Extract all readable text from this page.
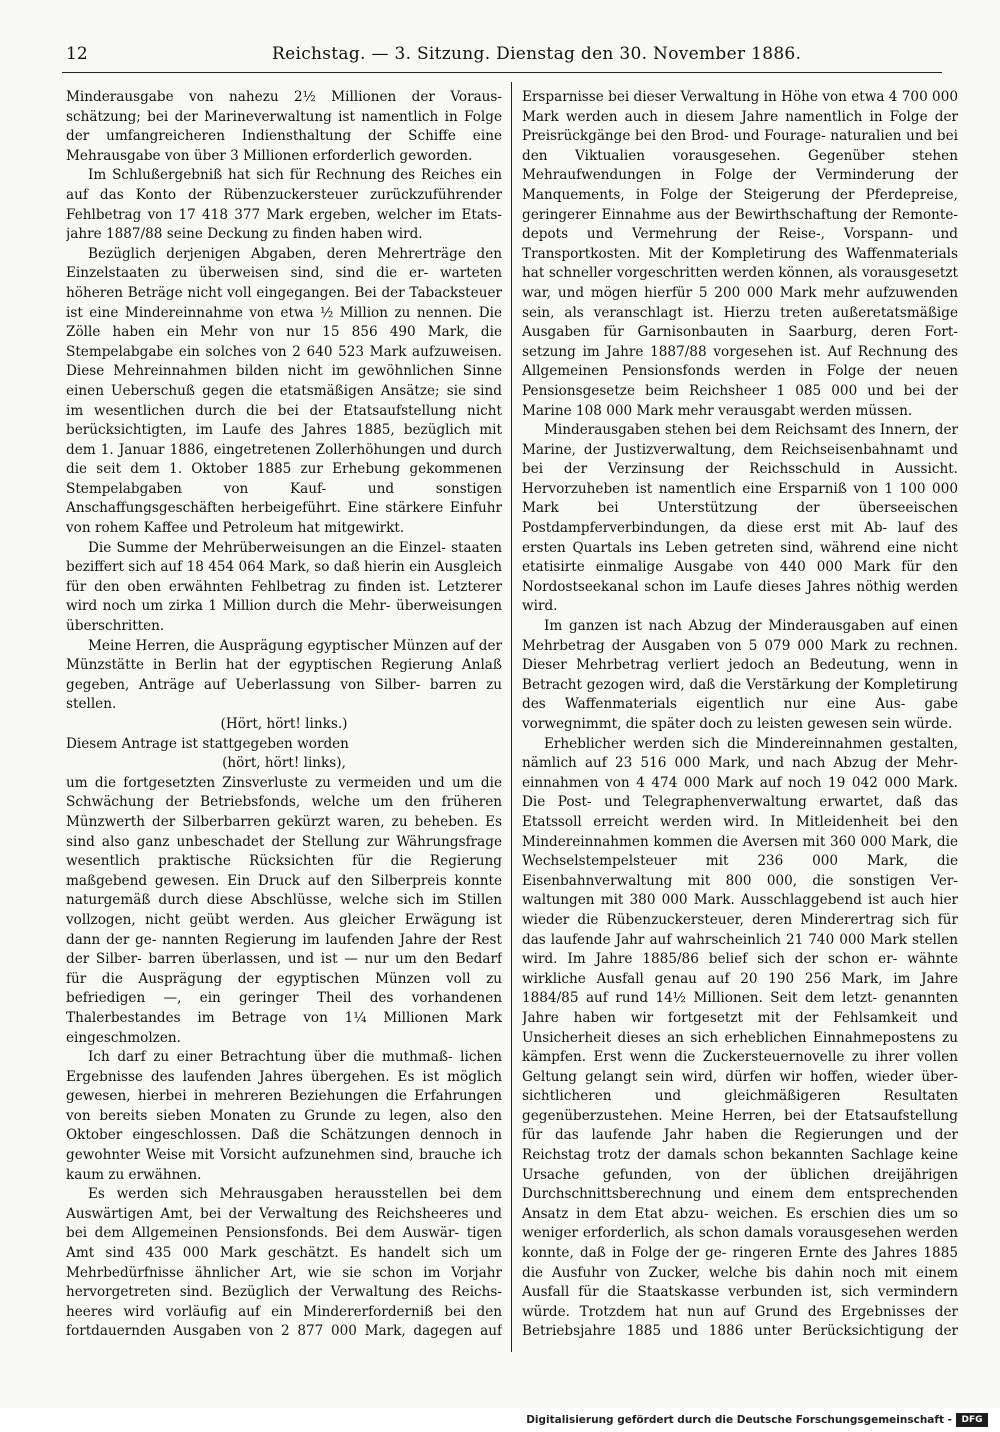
12	Reichstag. — 3. Sitzung. Dienstag den 30. November 1886.

Minderausgabe von nahezu 2½ Millionen der Voraus- schätzung; bei der Marineverwaltung ist namentlich in Folge der umfangreicheren Indiensthaltung der Schiffe eine Mehrausgabe von über 3 Millionen erforderlich geworden.

Im Schlußergebniß hat sich für Rechnung des Reiches ein auf das Konto der Rübenzuckersteuer zurückzuführender Fehlbetrag von 17 418 377 Mark ergeben, welcher im Etats- jahre 1887/88 seine Deckung zu finden haben wird.

Bezüglich derjenigen Abgaben, deren Mehrerträge den Einzelstaaten zu überweisen sind, sind die er- warteten höheren Beträge nicht voll eingegangen. Bei der Tabacksteuer ist eine Mindereinnahme von etwa ½ Million zu nennen. Die Zölle haben ein Mehr von nur 15 856 490 Mark, die Stempelabgabe ein solches von 2 640 523 Mark aufzuweisen. Diese Mehreinnahmen bilden nicht im gewöhnlichen Sinne einen Ueberschuß gegen die etatsmäßigen Ansätze; sie sind im wesentlichen durch die bei der Etatsaufstellung nicht berücksichtigten, im Laufe des Jahres 1885, bezüglich mit dem 1. Januar 1886, eingetretenen Zollerhöhungen und durch die seit dem 1. Oktober 1885 zur Erhebung gekommenen Stempelabgaben von Kauf- und sonstigen Anschaffungsgeschäften herbeigeführt. Eine stärkere Einfuhr von rohem Kaffee und Petroleum hat mitgewirkt.

Die Summe der Mehrüberweisungen an die Einzel- staaten beziffert sich auf 18 454 064 Mark, so daß hierin ein Ausgleich für den oben erwähnten Fehlbetrag zu finden ist. Letzterer wird noch um zirka 1 Million durch die Mehr- überweisungen überschritten.

Meine Herren, die Ausprägung egyptischer Münzen auf der Münzstätte in Berlin hat der egyptischen Regierung Anlaß gegeben, Anträge auf Ueberlassung von Silber- barren zu stellen.

(Hört, hört! links.)

Diesem Antrage ist stattgegeben worden

(hört, hört! links),

um die fortgesetzten Zinsverluste zu vermeiden und um die Schwächung der Betriebsfonds, welche um den früheren Münzwerth der Silberbarren gekürzt waren, zu beheben. Es sind also ganz unbeschadet der Stellung zur Währungsfrage wesentlich praktische Rücksichten für die Regierung maßgebend gewesen. Ein Druck auf den Silberpreis konnte naturgemäß durch diese Abschlüsse, welche sich im Stillen vollzogen, nicht geübt werden. Aus gleicher Erwägung ist dann der ge- nannten Regierung im laufenden Jahre der Rest der Silber- barren überlassen, und ist — nur um den Bedarf für die Ausprägung der egyptischen Münzen voll zu befriedigen —, ein geringer Theil des vorhandenen Thalerbestandes im Betrage von 1¼ Millionen Mark eingeschmolzen.

Ich darf zu einer Betrachtung über die muthmaß- lichen Ergebnisse des laufenden Jahres übergehen. Es ist möglich gewesen, hierbei in mehreren Beziehungen die Erfahrungen von bereits sieben Monaten zu Grunde zu legen, also den Oktober eingeschlossen. Daß die Schätzungen dennoch in gewohnter Weise mit Vorsicht aufzunehmen sind, brauche ich kaum zu erwähnen.

Es werden sich Mehrausgaben herausstellen bei dem Auswärtigen Amt, bei der Verwaltung des Reichsheeres und bei dem Allgemeinen Pensionsfonds. Bei dem Auswär- tigen Amt sind 435 000 Mark geschätzt. Es handelt sich um Mehrbedürfnisse ähnlicher Art, wie sie schon im Vorjahr hervorgetreten sind. Bezüglich der Verwaltung des Reichs- heeres wird vorläufig auf ein Mindererforderniß bei den fortdauernden Ausgaben von 2 877 000 Mark, dagegen auf

Ersparnisse bei dieser Verwaltung in Höhe von etwa 4 700 000 Mark werden auch in diesem Jahre namentlich in Folge der Preisrückgänge bei den Brod- und Fourage- naturalien und bei den Viktualien vorausgesehen. Gegenüber stehen Mehraufwendungen in Folge der Verminderung der Manquements, in Folge der Steigerung der Pferdepreise, geringerer Einnahme aus der Bewirthschaftung der Remonte- depots und Vermehrung der Reise-, Vorspann- und Transportkosten. Mit der Kompletirung des Waffenmaterials hat schneller vorgeschritten werden können, als vorausgesetzt war, und mögen hierfür 5 200 000 Mark mehr aufzuwenden sein, als veranschlagt ist. Hierzu treten außeretatsmäßige Ausgaben für Garnisonbauten in Saarburg, deren Fort- setzung im Jahre 1887/88 vorgesehen ist. Auf Rechnung des Allgemeinen Pensionsfonds werden in Folge der neuen Pensionsgesetze beim Reichsheer 1 085 000 und bei der Marine 108 000 Mark mehr verausgabt werden müssen.

Minderausgaben stehen bei dem Reichsamt des Innern, der Marine, der Justizverwaltung, dem Reichseisenbahnamt und bei der Verzinsung der Reichsschuld in Aussicht. Hervorzuheben ist namentlich eine Ersparniß von 1 100 000 Mark bei Unterstützung der überseeischen Postdampferverbindungen, da diese erst mit Ab- lauf des ersten Quartals ins Leben getreten sind, während eine nicht etatisirte einmalige Ausgabe von 440 000 Mark für den Nordostseekanal schon im Laufe dieses Jahres nöthig werden wird.

Im ganzen ist nach Abzug der Minderausgaben auf einen Mehrbetrag der Ausgaben von 5 079 000 Mark zu rechnen. Dieser Mehrbetrag verliert jedoch an Bedeutung, wenn in Betracht gezogen wird, daß die Verstärkung der Kompletirung des Waffenmaterials eigentlich nur eine Aus- gabe vorwegnimmt, die später doch zu leisten gewesen sein würde.

Erheblicher werden sich die Mindereinnahmen gestalten, nämlich auf 23 516 000 Mark, und nach Abzug der Mehr- einnahmen von 4 474 000 Mark auf noch 19 042 000 Mark. Die Post- und Telegraphenverwaltung erwartet, daß das Etatssoll erreicht werden wird. In Mitleidenheit bei den Mindereinnahmen kommen die Aversen mit 360 000 Mark, die Wechselstempelsteuer mit 236 000 Mark, die Eisenbahnverwaltung mit 800 000, die sonstigen Ver- waltungen mit 380 000 Mark. Ausschlaggebend ist auch hier wieder die Rübenzuckersteuer, deren Minderertrag sich für das laufende Jahr auf wahrscheinlich 21 740 000 Mark stellen wird. Im Jahre 1885/86 belief sich der schon er- wähnte wirkliche Ausfall genau auf 20 190 256 Mark, im Jahre 1884/85 auf rund 14½ Millionen. Seit dem letzt- genannten Jahre haben wir fortgesetzt mit der Fehlsamkeit und Unsicherheit dieses an sich erheblichen Einnahmepostens zu kämpfen. Erst wenn die Zuckersteuernovelle zu ihrer vollen Geltung gelangt sein wird, dürfen wir hoffen, wieder über- sichtlicheren und gleichmäßigeren Resultaten gegenüberzustehen. Meine Herren, bei der Etatsaufstellung für das laufende Jahr haben die Regierungen und der Reichstag trotz der damals schon bekannten Sachlage keine Ursache gefunden, von der üblichen dreijährigen Durchschnittsberechnung und einem dem entsprechenden Ansatz in dem Etat abzu- weichen. Es erschien dies um so weniger erforderlich, als schon damals vorausgesehen werden konnte, daß in Folge der ge- ringeren Ernte des Jahres 1885 die Ausfuhr von Zucker, welche bis dahin noch mit einem Ausfall für die Staatskasse verbunden ist, sich vermindern würde. Trotzdem hat nun auf Grund des Ergebnisses der Betriebsjahre 1885 und 1886 unter Berücksichtigung der

Digitalisierung gefördert durch die Deutsche Forschungsgemeinschaft -	DFG
